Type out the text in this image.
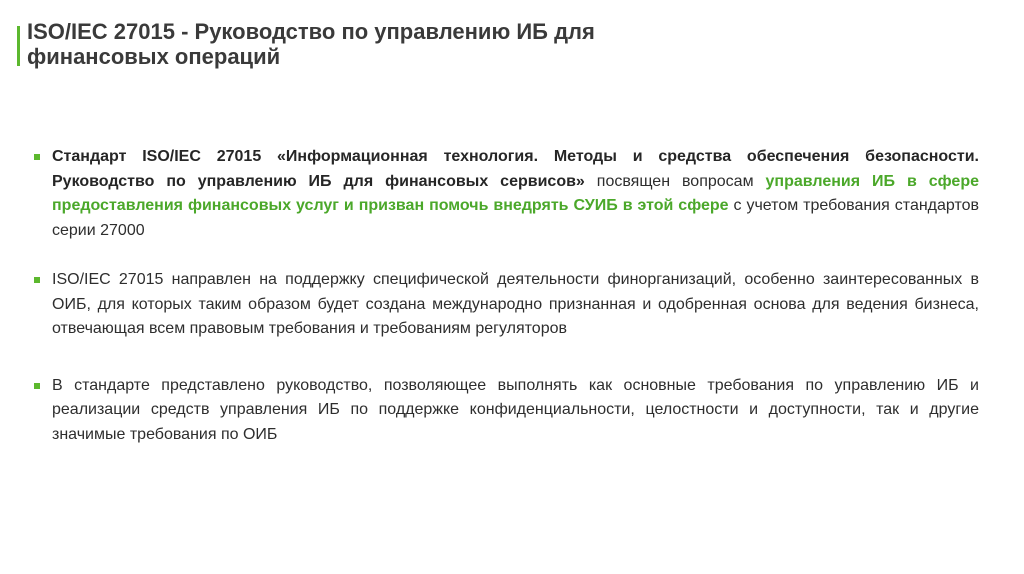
ISO/IEC 27015 - Руководство по управлению ИБ для
финансовых операций
Стандарт ISO/IEC 27015 «Информационная технология. Методы и средства обеспечения безопасности. Руководство по управлению ИБ для финансовых сервисов» посвящен вопросам управления ИБ в сфере предоставления финансовых услуг и призван помочь внедрять СУИБ в этой сфере с учетом требования стандартов серии 27000
ISO/IEC 27015 направлен на поддержку специфической деятельности финорганизаций, особенно заинтересованных в ОИБ, для которых таким образом будет создана международно признанная и одобренная основа для ведения бизнеса, отвечающая всем правовым требования и требованиям регуляторов
В стандарте представлено руководство, позволяющее выполнять как основные требования по управлению ИБ и реализации средств управления ИБ по поддержке конфиденциальности, целостности и доступности, так и другие значимые требования по ОИБ
